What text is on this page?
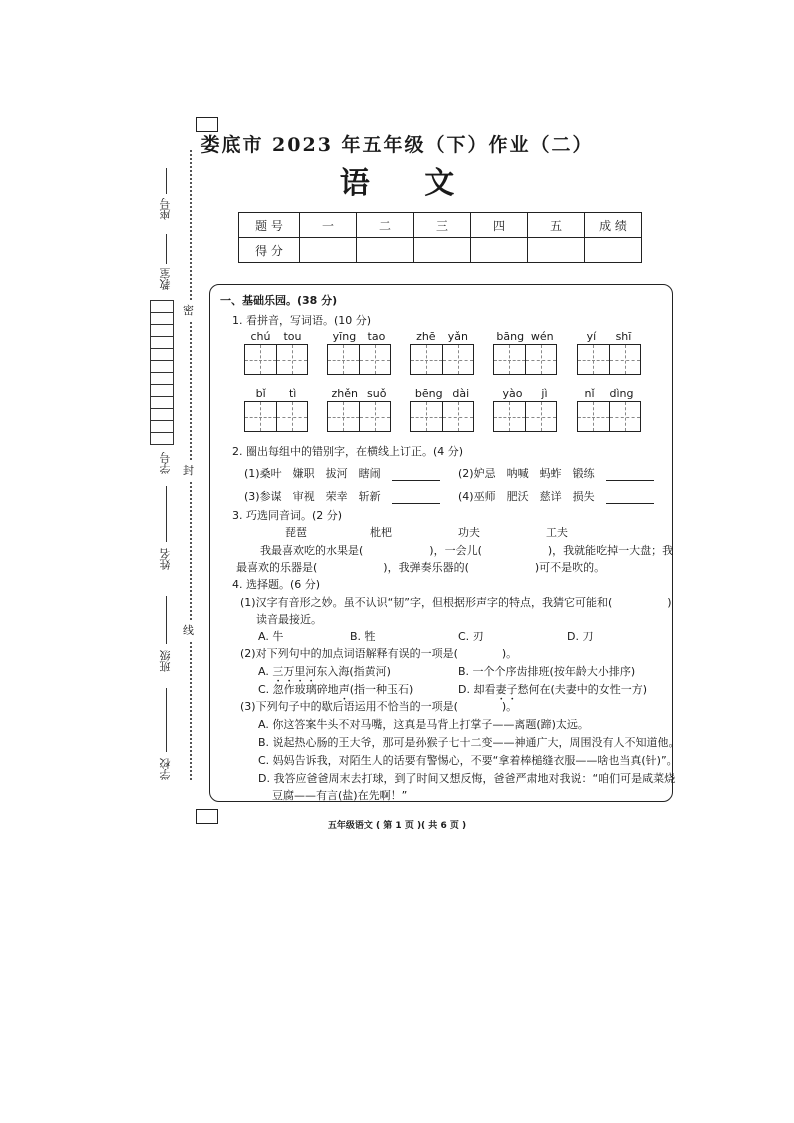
密
封
线
座号
教室
学号
姓名
班级
学校
娄底市 2023 年五年级（下）作业（二）
语 文
题 号	一	二	三	四	五	成 绩
得 分						
一、基础乐园。(38 分)
1. 看拼音，写词语。(10 分)
chú tou	yīng tao	zhē yǎn	bāng wén	yí shī
bǐ tì	zhěn suǒ	bēng dài	yào jì	nǐ dìng
2. 圈出每组中的错别字，在横线上订正。(4 分)
(1)桑叶　嫌职　拔河　瞎闹　	(2)妒忌　呐喊　蚂蚱　锻练　
(3)参谋　审视　荣幸　斩新　	(4)巫师　肥沃　慈详　损失　
3. 巧选同音词。(2 分)
琵琶	枇杷	功夫	工夫
我最喜欢吃的水果是(　　　　　　)，一会儿(　　　　　　)，我就能吃掉一大盘；我
最喜欢的乐器是(　　　　　　)，我弹奏乐器的(　　　　　　)可不是吹的。
4. 选择题。(6 分)
(1)汉字有音形之妙。虽不认识“韧”字，但根据形声字的特点，我猜它可能和(　　　　　)
读音最接近。
A. 牛	B. 牲	C. 刃	D. 刀
(2)对下列句中的加点词语解释有误的一项是(　　　　)。
A. 三万里河东入海(指黄河)	B. 一个个序齿排班(按年龄大小排序)
C. 忽作玻璃碎地声(指一种玉石)	D. 却看妻子愁何在(夫妻中的女性一方)
(3)下列句子中的歇后语运用不恰当的一项是(　　　　)。
A. 你这答案牛头不对马嘴，这真是马背上打掌子——离题(蹄)太远。
B. 说起热心肠的王大爷，那可是孙猴子七十二变——神通广大，周围没有人不知道他。
C. 妈妈告诉我，对陌生人的话要有警惕心，不要“拿着棒槌缝衣服——啥也当真(针)”。
D. 我答应爸爸周末去打球，到了时间又想反悔，爸爸严肃地对我说：“咱们可是咸菜烧
豆腐——有言(盐)在先啊！”
五年级语文 ( 第 1 页 )( 共 6 页 )
